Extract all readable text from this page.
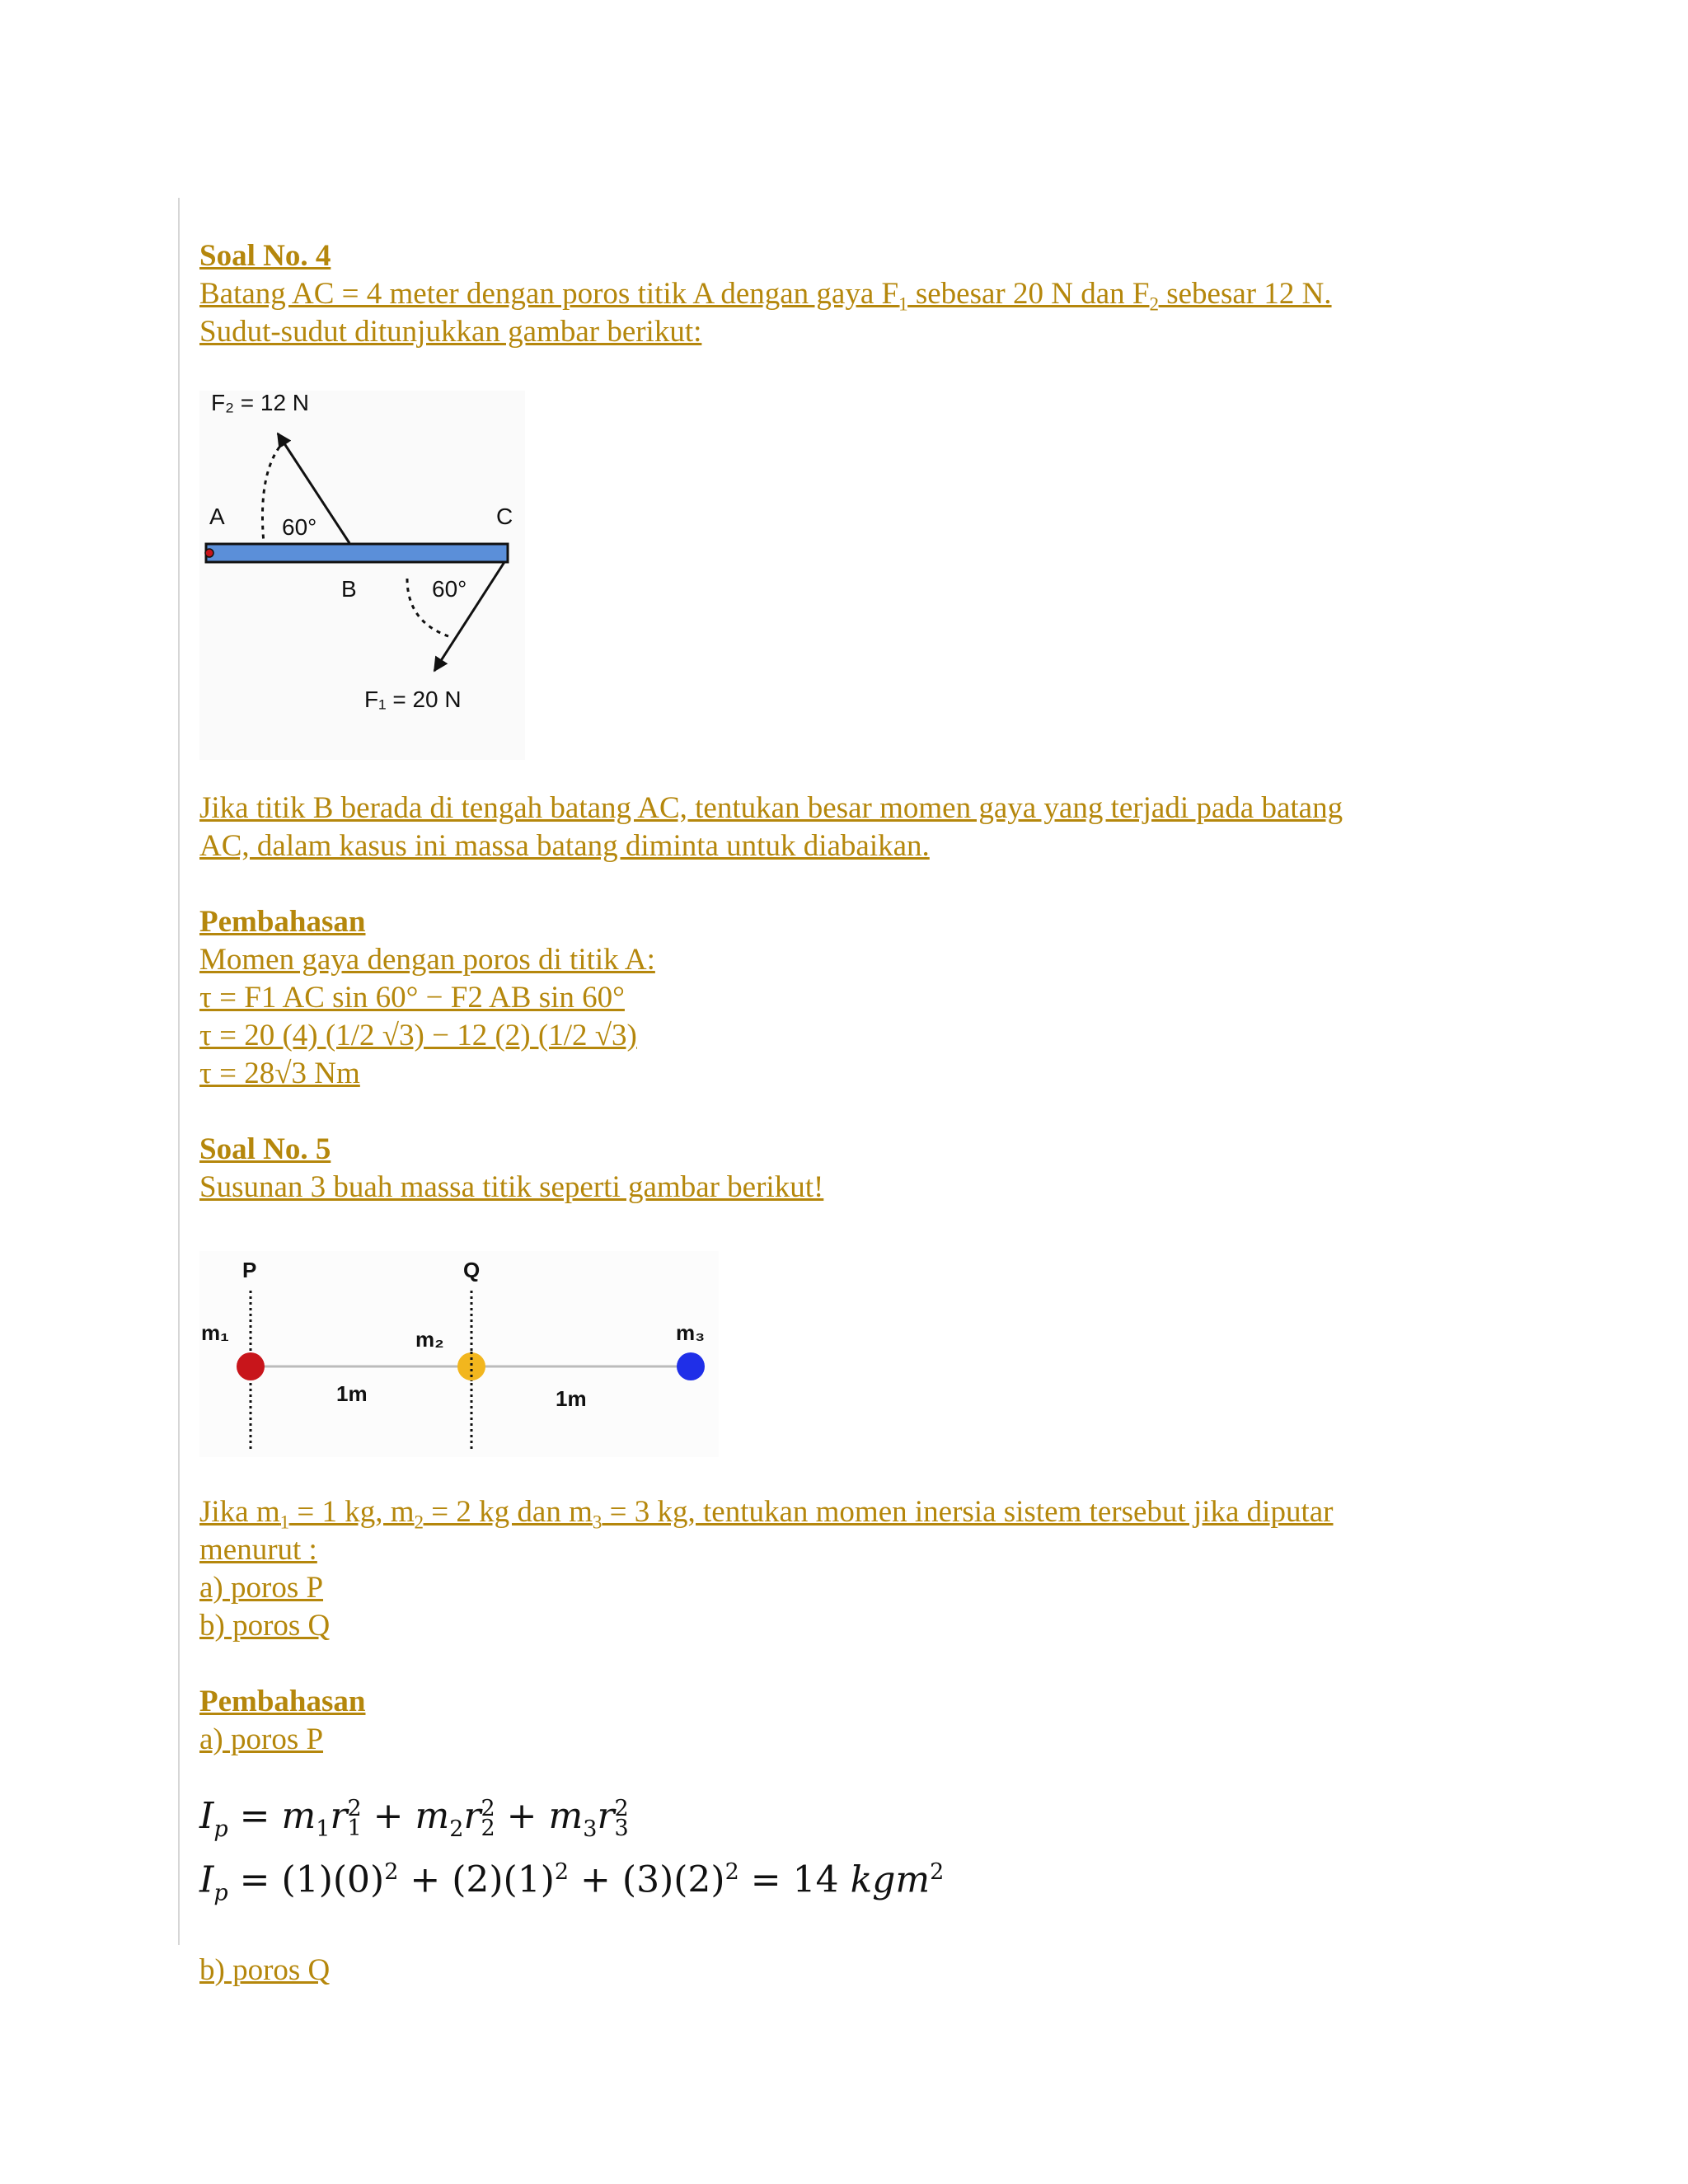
Soal No. 4
Batang AC = 4 meter dengan poros titik A dengan gaya $F_1$ sebesar 20 N dan $F_2$ sebesar 12 N.
Sudut-sudut ditunjukkan gambar berikut:
F₂ = 12 N
A	C
60°
B	60°
F₁ = 20 N
Jika titik B berada di tengah batang AC, tentukan besar momen gaya yang terjadi pada batang
AC, dalam kasus ini massa batang diminta untuk diabaikan.
Pembahasan
Momen gaya dengan poros di titik A:
τ = F1 AC sin 60° − F2 AB sin 60°
τ = 20 (4) (1/2 √3) − 12 (2) (1/2 √3)
τ = 28√3 Nm
Soal No. 5
Susunan 3 buah massa titik seperti gambar berikut!
P	Q
m₁	m₂	m₃
1m	1m
Jika $m_1 = 1$ kg, $m_2 = 2$ kg dan $m_3 = 3$ kg, tentukan momen inersia sistem tersebut jika diputar
menurut :
a) poros P
b) poros Q
Pembahasan
a) poros P
$I_p = m_1r2$
$1 + m_2r2$
$2 + m_3r2$
3
$I_p = (1)(0)^2 + (2)(1)^2 + (3)(2)^2 = 14$ kgm$^2$
b) poros Q
